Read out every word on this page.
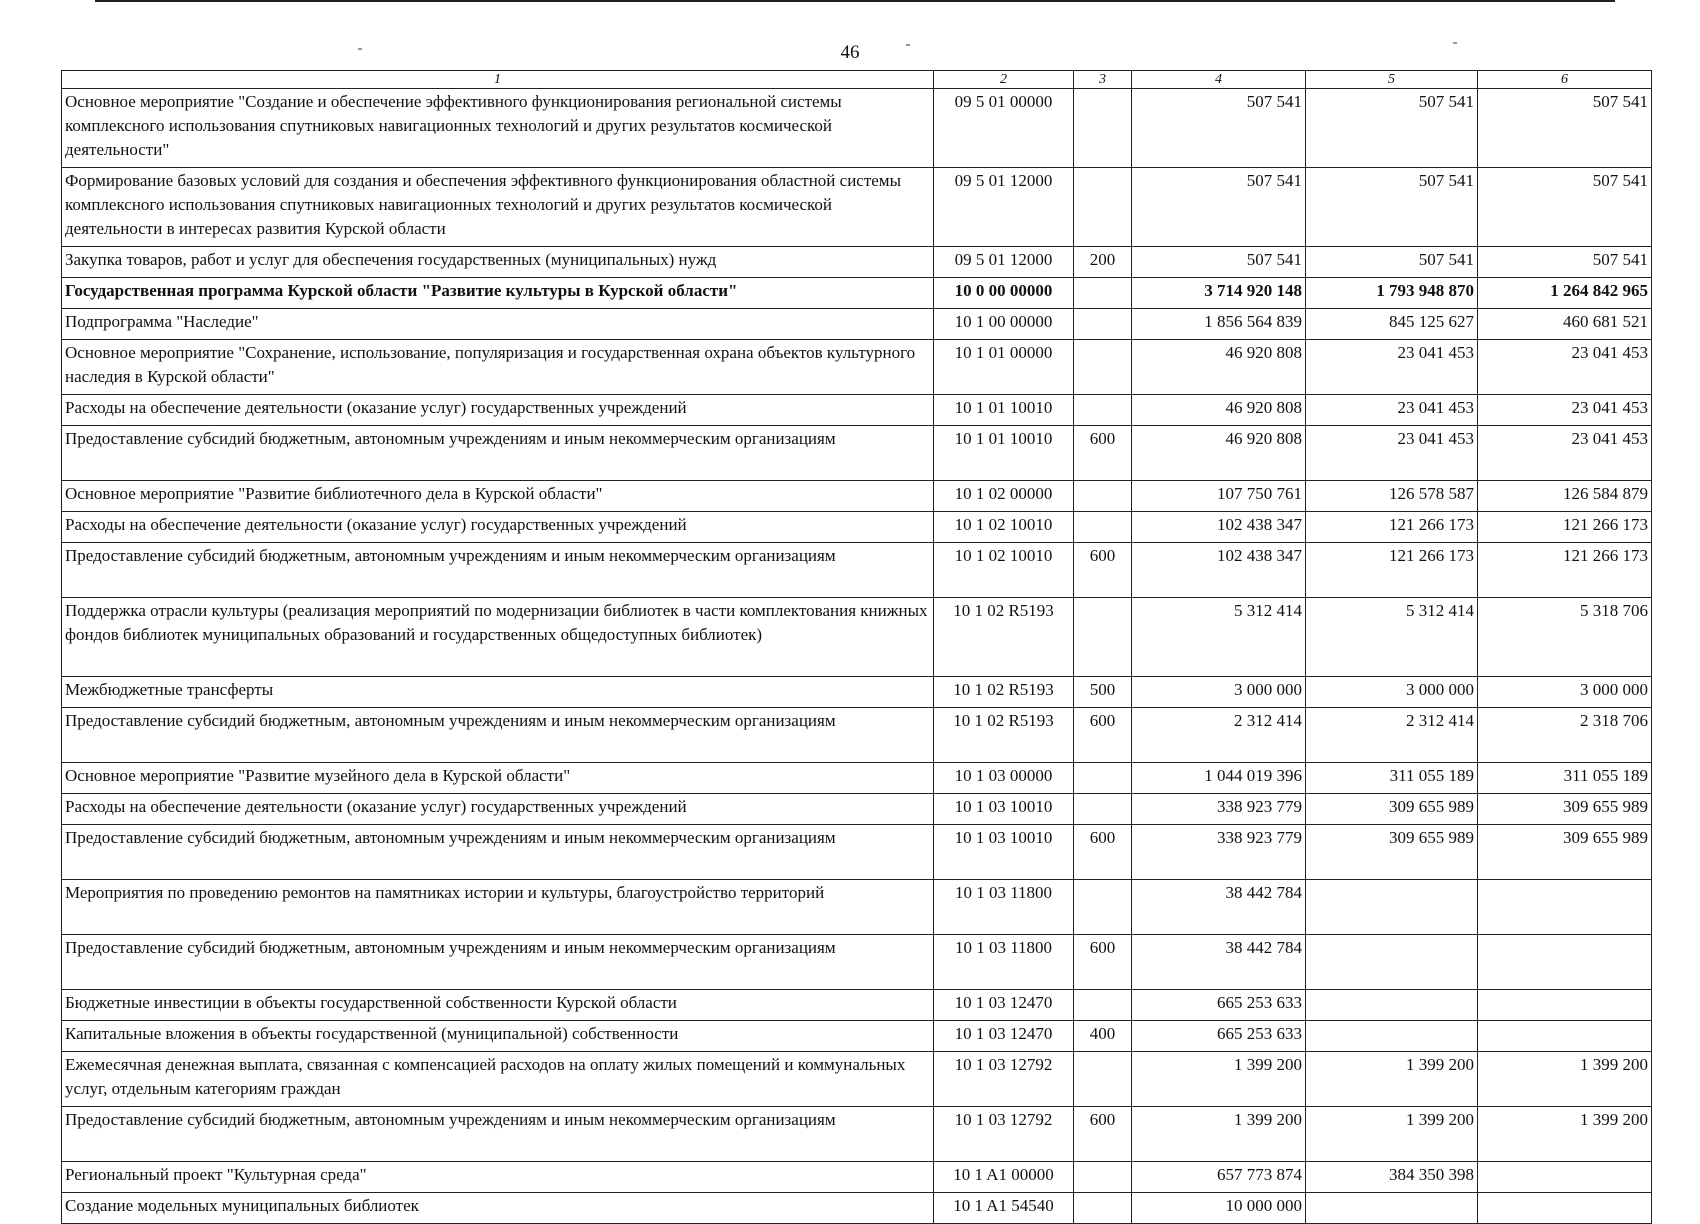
46
1	2	3	4	5	6
Основное мероприятие "Создание и обеспечение эффективного функционирования региональной системы комплексного использования спутниковых навигационных технологий и других результатов космической деятельности"	09 5 01 00000		507 541	507 541	507 541
Формирование базовых условий для создания и обеспечения эффективного функционирования областной системы комплексного использования спутниковых навигационных технологий и других результатов космической деятельности в интересах развития Курской области	09 5 01 12000		507 541	507 541	507 541
Закупка товаров, работ и услуг для обеспечения государственных (муниципальных) нужд	09 5 01 12000	200	507 541	507 541	507 541
Государственная программа Курской области "Развитие культуры в Курской области"	10 0 00 00000		3 714 920 148	1 793 948 870	1 264 842 965
Подпрограмма "Наследие"	10 1 00 00000		1 856 564 839	845 125 627	460 681 521
Основное мероприятие "Сохранение, использование, популяризация и государственная охрана объектов культурного наследия в Курской области"	10 1 01 00000		46 920 808	23 041 453	23 041 453
Расходы на обеспечение деятельности (оказание услуг) государственных учреждений	10 1 01 10010		46 920 808	23 041 453	23 041 453
Предоставление субсидий бюджетным, автономным учреждениям и иным некоммерческим организациям	10 1 01 10010	600	46 920 808	23 041 453	23 041 453
Основное мероприятие "Развитие библиотечного дела в Курской области"	10 1 02 00000		107 750 761	126 578 587	126 584 879
Расходы на обеспечение деятельности (оказание услуг) государственных учреждений	10 1 02 10010		102 438 347	121 266 173	121 266 173
Предоставление субсидий бюджетным, автономным учреждениям и иным некоммерческим организациям	10 1 02 10010	600	102 438 347	121 266 173	121 266 173
Поддержка отрасли культуры (реализация мероприятий по модернизации библиотек в части комплектования книжных фондов библиотек муниципальных образований и государственных общедоступных библиотек)	10 1 02 R5193		5 312 414	5 312 414	5 318 706
Межбюджетные трансферты	10 1 02 R5193	500	3 000 000	3 000 000	3 000 000
Предоставление субсидий бюджетным, автономным учреждениям и иным некоммерческим организациям	10 1 02 R5193	600	2 312 414	2 312 414	2 318 706
Основное мероприятие "Развитие музейного дела в Курской области"	10 1 03 00000		1 044 019 396	311 055 189	311 055 189
Расходы на обеспечение деятельности (оказание услуг) государственных учреждений	10 1 03 10010		338 923 779	309 655 989	309 655 989
Предоставление субсидий бюджетным, автономным учреждениям и иным некоммерческим организациям	10 1 03 10010	600	338 923 779	309 655 989	309 655 989
Мероприятия по проведению ремонтов на памятниках истории и культуры, благоустройство территорий	10 1 03 11800		38 442 784		
Предоставление субсидий бюджетным, автономным учреждениям и иным некоммерческим организациям	10 1 03 11800	600	38 442 784		
Бюджетные инвестиции в объекты государственной собственности Курской области	10 1 03 12470		665 253 633		
Капитальные вложения в объекты государственной (муниципальной) собственности	10 1 03 12470	400	665 253 633		
Ежемесячная денежная выплата, связанная с компенсацией расходов на оплату жилых помещений и коммунальных услуг, отдельным категориям граждан	10 1 03 12792		1 399 200	1 399 200	1 399 200
Предоставление субсидий бюджетным, автономным учреждениям и иным некоммерческим организациям	10 1 03 12792	600	1 399 200	1 399 200	1 399 200
Региональный проект "Культурная среда"	10 1 A1 00000		657 773 874	384 350 398	
Создание модельных муниципальных библиотек	10 1 A1 54540		10 000 000		
